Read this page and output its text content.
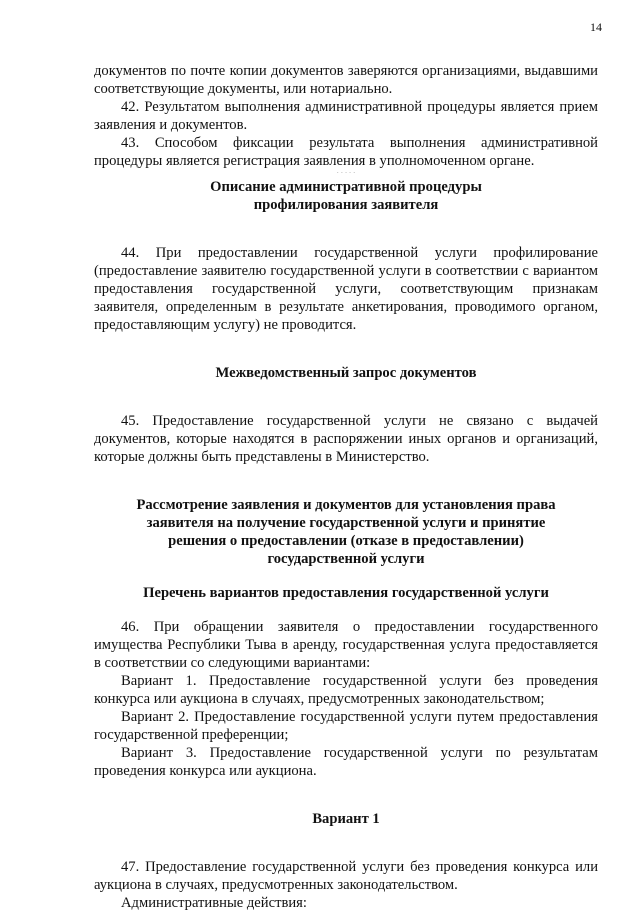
14

документов по почте копии документов заверяются организациями, выдавшими соответствующие документы, или нотариально.

42. Результатом выполнения административной процедуры является прием заявления и документов.

43. Способом фиксации результата выполнения административной процедуры является регистрация заявления в уполномоченном органе.

· · · · ·
Описание административной процедуры
профилирования заявителя

44. При предоставлении государственной услуги профилирование (предоставление заявителю государственной услуги в соответствии с вариантом предоставления государственной услуги, соответствующим признакам заявителя, определенным в результате анкетирования, проводимого органом, предоставляющим услугу) не проводится.

Межведомственный запрос документов

45. Предоставление государственной услуги не связано с выдачей документов, которые находятся в распоряжении иных органов и организаций, которые должны быть представлены в Министерство.

Рассмотрение заявления и документов для установления права
заявителя на получение государственной услуги и принятие
решения о предоставлении (отказе в предоставлении)
государственной услуги
Перечень вариантов предоставления государственной услуги

46. При обращении заявителя о предоставлении государственного имущества Республики Тыва в аренду, государственная услуга предоставляется в соответствии со следующими вариантами:

Вариант 1. Предоставление государственной услуги без проведения конкурса или аукциона в случаях, предусмотренных законодательством;

Вариант 2. Предоставление государственной услуги путем предоставления государственной преференции;

Вариант 3. Предоставление государственной услуги по результатам проведения конкурса или аукциона.

Вариант 1

47. Предоставление государственной услуги без проведения конкурса или аукциона в случаях, предусмотренных законодательством.

Административные действия:
